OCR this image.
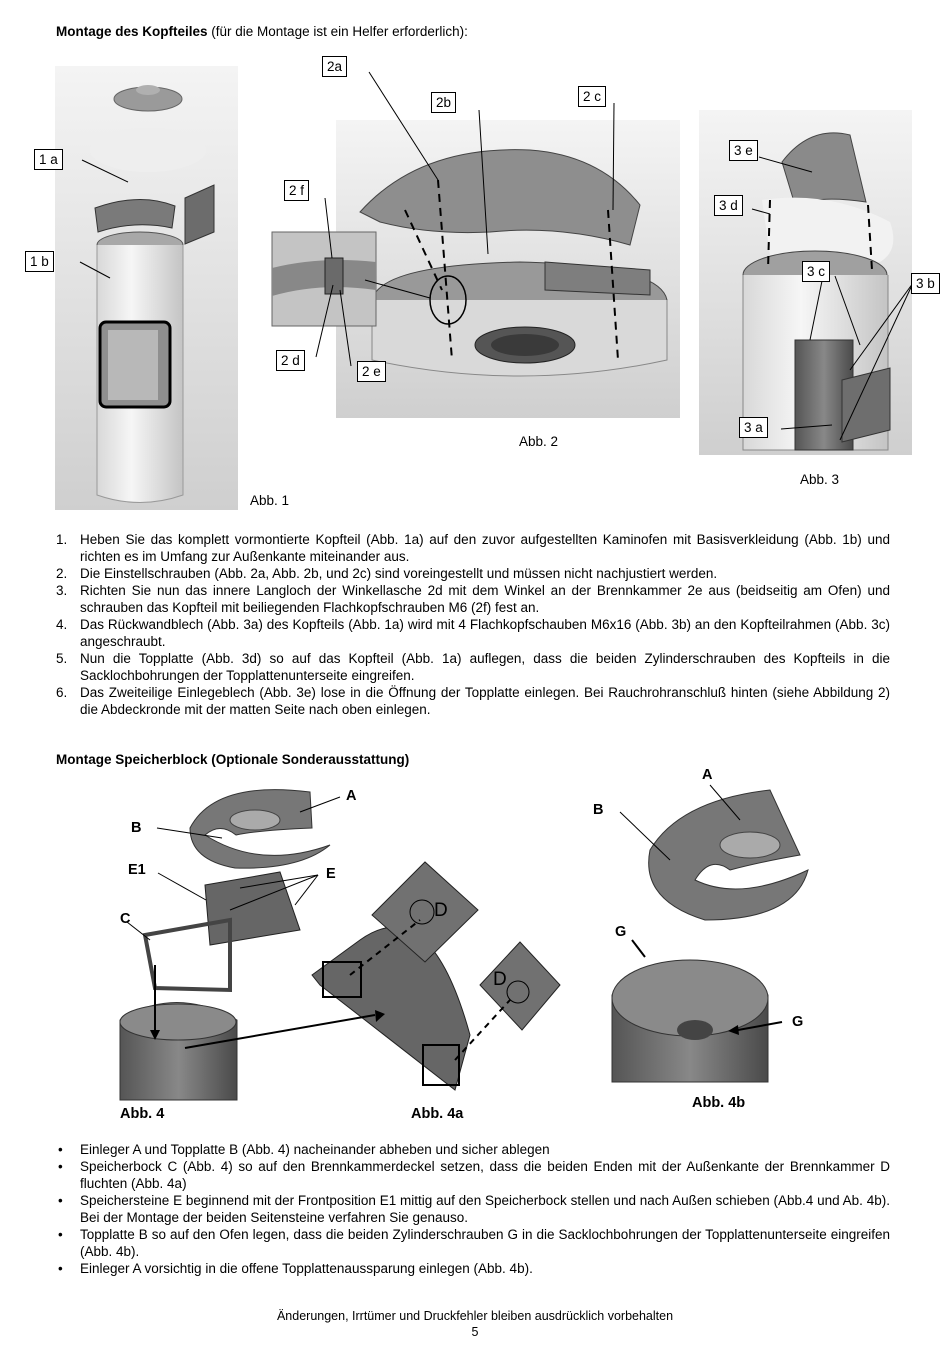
Montage des Kopfteiles (für die Montage ist ein Helfer erforderlich):
2a
2b	2 c
1 a
1 b
2 f
2 d
2 e
3 e
3 d
3 c
3 b
3 a
Abb. 1
Abb. 2
Abb. 3
1. Heben Sie das komplett vormontierte Kopfteil (Abb. 1a) auf den zuvor aufgestellten Kaminofen mit Basisverkleidung (Abb. 1b) und richten es im Umfang zur Außenkante miteinander aus.
2. Die Einstellschrauben (Abb. 2a, Abb. 2b, und 2c) sind voreingestellt und müssen nicht nachjustiert werden.
3. Richten Sie nun das innere Langloch der Winkellasche 2d mit dem Winkel an der Brennkammer 2e aus (beidseitig am Ofen) und schrauben das Kopfteil mit beiliegenden Flachkopfschrauben M6 (2f) fest an.
4. Das Rückwandblech (Abb. 3a) des Kopfteils (Abb. 1a) wird mit 4 Flachkopfschauben M6x16 (Abb. 3b) an den Kopfteilrahmen (Abb. 3c) angeschraubt.
5. Nun die Topplatte (Abb. 3d) so auf das Kopfteil (Abb. 1a) auflegen, dass die beiden Zylinderschrauben des Kopfteils in die Sacklochbohrungen der Topplattenunterseite eingreifen.
6. Das Zweiteilige Einlegeblech (Abb. 3e) lose in die Öffnung der Topplatte einlegen. Bei Rauchrohranschluß hinten (siehe Abbildung 2) die Abdeckronde mit der matten Seite nach oben einlegen.
Montage Speicherblock (Optionale Sonderausstattung)
A
B
E1	E
C	D
D
A
B
G
G
Abb. 4	Abb. 4a
Abb. 4b
• Einleger A und Topplatte B (Abb. 4) nacheinander abheben und sicher ablegen
• Speicherbock C (Abb. 4) so auf den Brennkammerdeckel setzen, dass die beiden Enden mit der Außenkante der Brennkammer D fluchten (Abb. 4a)
• Speichersteine E beginnend mit der Frontposition E1 mittig auf den Speicherbock stellen und nach Außen schieben (Abb.4 und Ab. 4b). Bei der Montage der beiden Seitensteine verfahren Sie genauso.
• Topplatte B so auf den Ofen legen, dass die beiden Zylinderschrauben G in die Sacklochbohrungen der Topplattenunterseite eingreifen (Abb. 4b).
• Einleger A vorsichtig in die offene Topplattenaussparung einlegen (Abb. 4b).
Änderungen, Irrtümer und Druckfehler bleiben ausdrücklich vorbehalten
5
